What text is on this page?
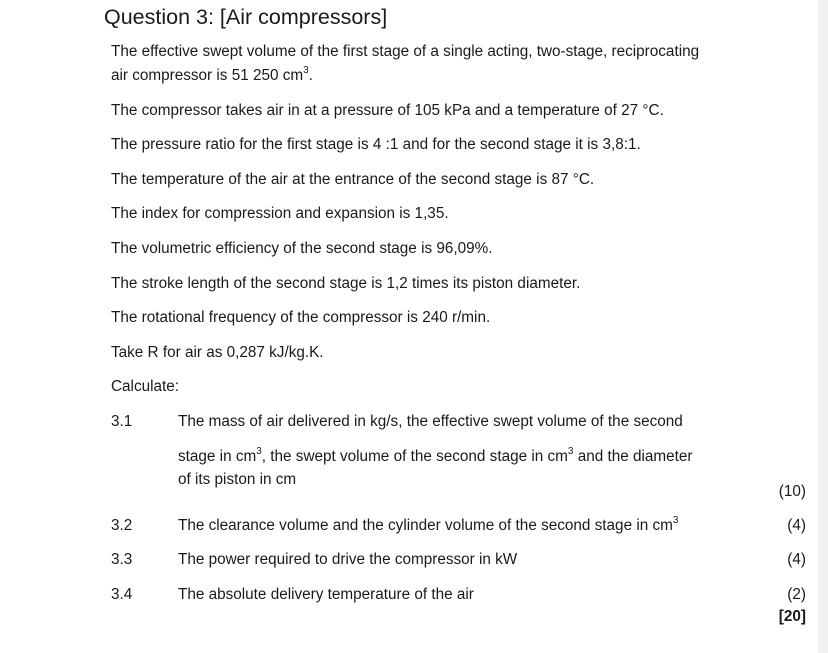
Question 3: [Air compressors]
The effective swept volume of the first stage of a single acting, two-stage, reciprocating
air compressor is 51 250 $cm^3$.
The compressor takes air in at a pressure of 105 kPa and a temperature of 27 °C.
The pressure ratio for the first stage is 4 :1 and for the second stage it is 3,8:1.
The temperature of the air at the entrance of the second stage is 87 °C.
The index for compression and expansion is 1,35.
The volumetric efficiency of the second stage is 96,09%.
The stroke length of the second stage is 1,2 times its piston diameter.
The rotational frequency of the compressor is 240 r/min.
Take R for air as 0,287 kJ/kg.K.
Calculate:
3.1	The mass of air delivered in kg/s, the effective swept volume of the second
stage in $cm^3$, the swept volume of the second stage in $cm^3$ and the diameter
of its piston in cm
(10)
3.2	The clearance volume and the cylinder volume of the second stage in $cm^3$	(4)
3.3	The power required to drive the compressor in kW	(4)
3.4	The absolute delivery temperature of the air	(2)
[20]
